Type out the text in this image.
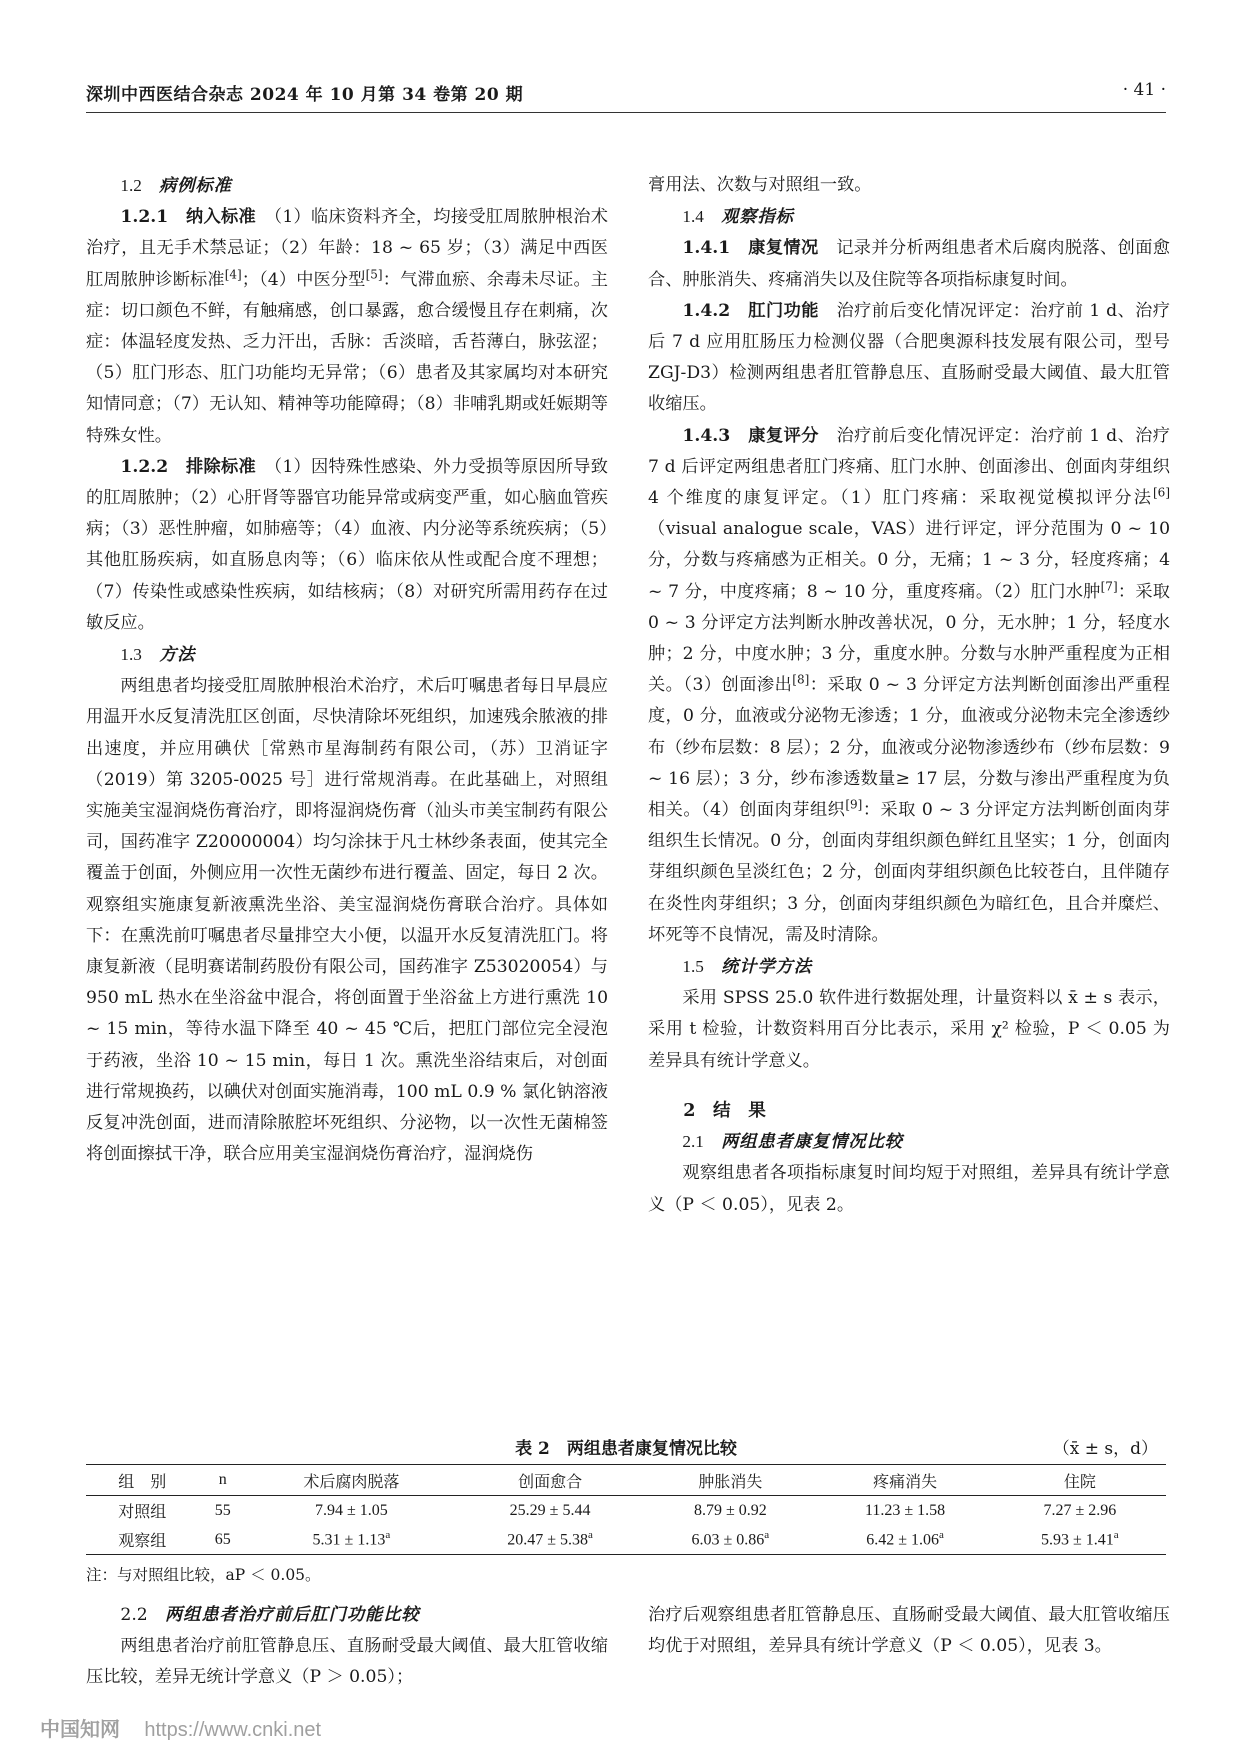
深圳中西医结合杂志 2024 年 10 月第 34 卷第 20 期	· 41 ·
1.2　 病例标准

1.2.1　纳入标准　 （1）临床资料齐全，均接受肛周脓肿根治术治疗，且无手术禁忌证；（2）年龄：18 ~ 65 岁；（3）满足中西医肛周脓肿诊断标准[4]；（4）中医分型[5]：气滞血瘀、余毒未尽证。主症：切口颜色不鲜，有触痛感，创口暴露，愈合缓慢且存在刺痛，次症：体温轻度发热、乏力汗出，舌脉：舌淡暗，舌苔薄白，脉弦涩；（5）肛门形态、肛门功能均无异常；（6）患者及其家属均对本研究知情同意；（7）无认知、精神等功能障碍；（8）非哺乳期或妊娠期等特殊女性。

1.2.2　排除标准　 （1）因特殊性感染、外力受损等原因所导致的肛周脓肿；（2）心肝肾等器官功能异常或病变严重，如心脑血管疾病；（3）恶性肿瘤，如肺癌等；（4）血液、内分泌等系统疾病；（5）其他肛肠疾病，如直肠息肉等；（6）临床依从性或配合度不理想；（7）传染性或感染性疾病，如结核病；（8）对研究所需用药存在过敏反应。

1.3　 方法

两组患者均接受肛周脓肿根治术治疗，术后叮嘱患者每日早晨应用温开水反复清洗肛区创面，尽快清除坏死组织，加速残余脓液的排出速度，并应用碘伏［常熟市星海制药有限公司，（苏）卫消证字（2019）第 3205-0025 号］进行常规消毒。在此基础上，对照组实施美宝湿润烧伤膏治疗，即将湿润烧伤膏（汕头市美宝制药有限公司，国药准字 Z20000004）均匀涂抹于凡士林纱条表面，使其完全覆盖于创面，外侧应用一次性无菌纱布进行覆盖、固定，每日 2 次。观察组实施康复新液熏洗坐浴、美宝湿润烧伤膏联合治疗。具体如下：在熏洗前叮嘱患者尽量排空大小便，以温开水反复清洗肛门。将康复新液（昆明赛诺制药股份有限公司，国药准字 Z53020054）与 950 mL 热水在坐浴盆中混合，将创面置于坐浴盆上方进行熏洗 10 ~ 15 min，等待水温下降至 40 ~ 45 ℃后，把肛门部位完全浸泡于药液，坐浴 10 ~ 15 min，每日 1 次。熏洗坐浴结束后，对创面进行常规换药，以碘伏对创面实施消毒，100 mL 0.9 % 氯化钠溶液反复冲洗创面，进而清除脓腔坏死组织、分泌物，以一次性无菌棉签将创面擦拭干净，联合应用美宝湿润烧伤膏治疗，湿润烧伤

膏用法、次数与对照组一致。

1.4　 观察指标

1.4.1　康复情况　 记录并分析两组患者术后腐肉脱落、创面愈合、肿胀消失、疼痛消失以及住院等各项指标康复时间。

1.4.2　肛门功能　 治疗前后变化情况评定：治疗前 1 d、治疗后 7 d 应用肛肠压力检测仪器（合肥奥源科技发展有限公司，型号 ZGJ-D3）检测两组患者肛管静息压、直肠耐受最大阈值、最大肛管收缩压。

1.4.3　康复评分　 治疗前后变化情况评定：治疗前 1 d、治疗 7 d 后评定两组患者肛门疼痛、肛门水肿、创面渗出、创面肉芽组织 4 个维度的康复评定。（1）肛门疼痛：采取视觉模拟评分法[6]（visual analogue scale，VAS）进行评定，评分范围为 0 ~ 10 分，分数与疼痛感为正相关。0 分，无痛；1 ~ 3 分，轻度疼痛；4 ~ 7 分，中度疼痛；8 ~ 10 分，重度疼痛。（2）肛门水肿[7]：采取 0 ~ 3 分评定方法判断水肿改善状况，0 分，无水肿；1 分，轻度水肿；2 分，中度水肿；3 分，重度水肿。分数与水肿严重程度为正相关。（3）创面渗出[8]：采取 0 ~ 3 分评定方法判断创面渗出严重程度，0 分，血液或分泌物无渗透；1 分，血液或分泌物未完全渗透纱布（纱布层数：8 层）；2 分，血液或分泌物渗透纱布（纱布层数：9 ~ 16 层）；3 分，纱布渗透数量≥ 17 层，分数与渗出严重程度为负相关。（4）创面肉芽组织[9]：采取 0 ~ 3 分评定方法判断创面肉芽组织生长情况。0 分，创面肉芽组织颜色鲜红且坚实；1 分，创面肉芽组织颜色呈淡红色；2 分，创面肉芽组织颜色比较苍白，且伴随存在炎性肉芽组织；3 分，创面肉芽组织颜色为暗红色，且合并糜烂、坏死等不良情况，需及时清除。

1.5　 统计学方法

采用 SPSS 25.0 软件进行数据处理，计量资料以 x̄ ± s 表示，采用 t 检验，计数资料用百分比表示，采用 χ² 检验，P ＜ 0.05 为差异具有统计学意义。

2　结　果
2.1　 两组患者康复情况比较

观察组患者各项指标康复时间均短于对照组，差异具有统计学意义（P ＜ 0.05），见表 2。

表 2　两组患者康复情况比较	（x̄ ± s，d）
组　别	n	术后腐肉脱落	创面愈合	肿胀消失	疼痛消失	住院
对照组	55	7.94 ± 1.05	25.29 ± 5.44	8.79 ± 0.92	11.23 ± 1.58	7.27 ± 2.96
观察组	65	5.31 ± 1.13$^a$	20.47 ± 5.38$^a$	6.03 ± 0.86$^a$	6.42 ± 1.06$^a$	5.93 ± 1.41$^a$
注：与对照组比较，aP ＜ 0.05。
2.2　 两组患者治疗前后肛门功能比较

两组患者治疗前肛管静息压、直肠耐受最大阈值、最大肛管收缩压比较，差异无统计学意义（P ＞ 0.05）；

治疗后观察组患者肛管静息压、直肠耐受最大阈值、最大肛管收缩压均优于对照组，差异具有统计学意义（P ＜ 0.05），见表 3。

中国知网 https://www.cnki.net
